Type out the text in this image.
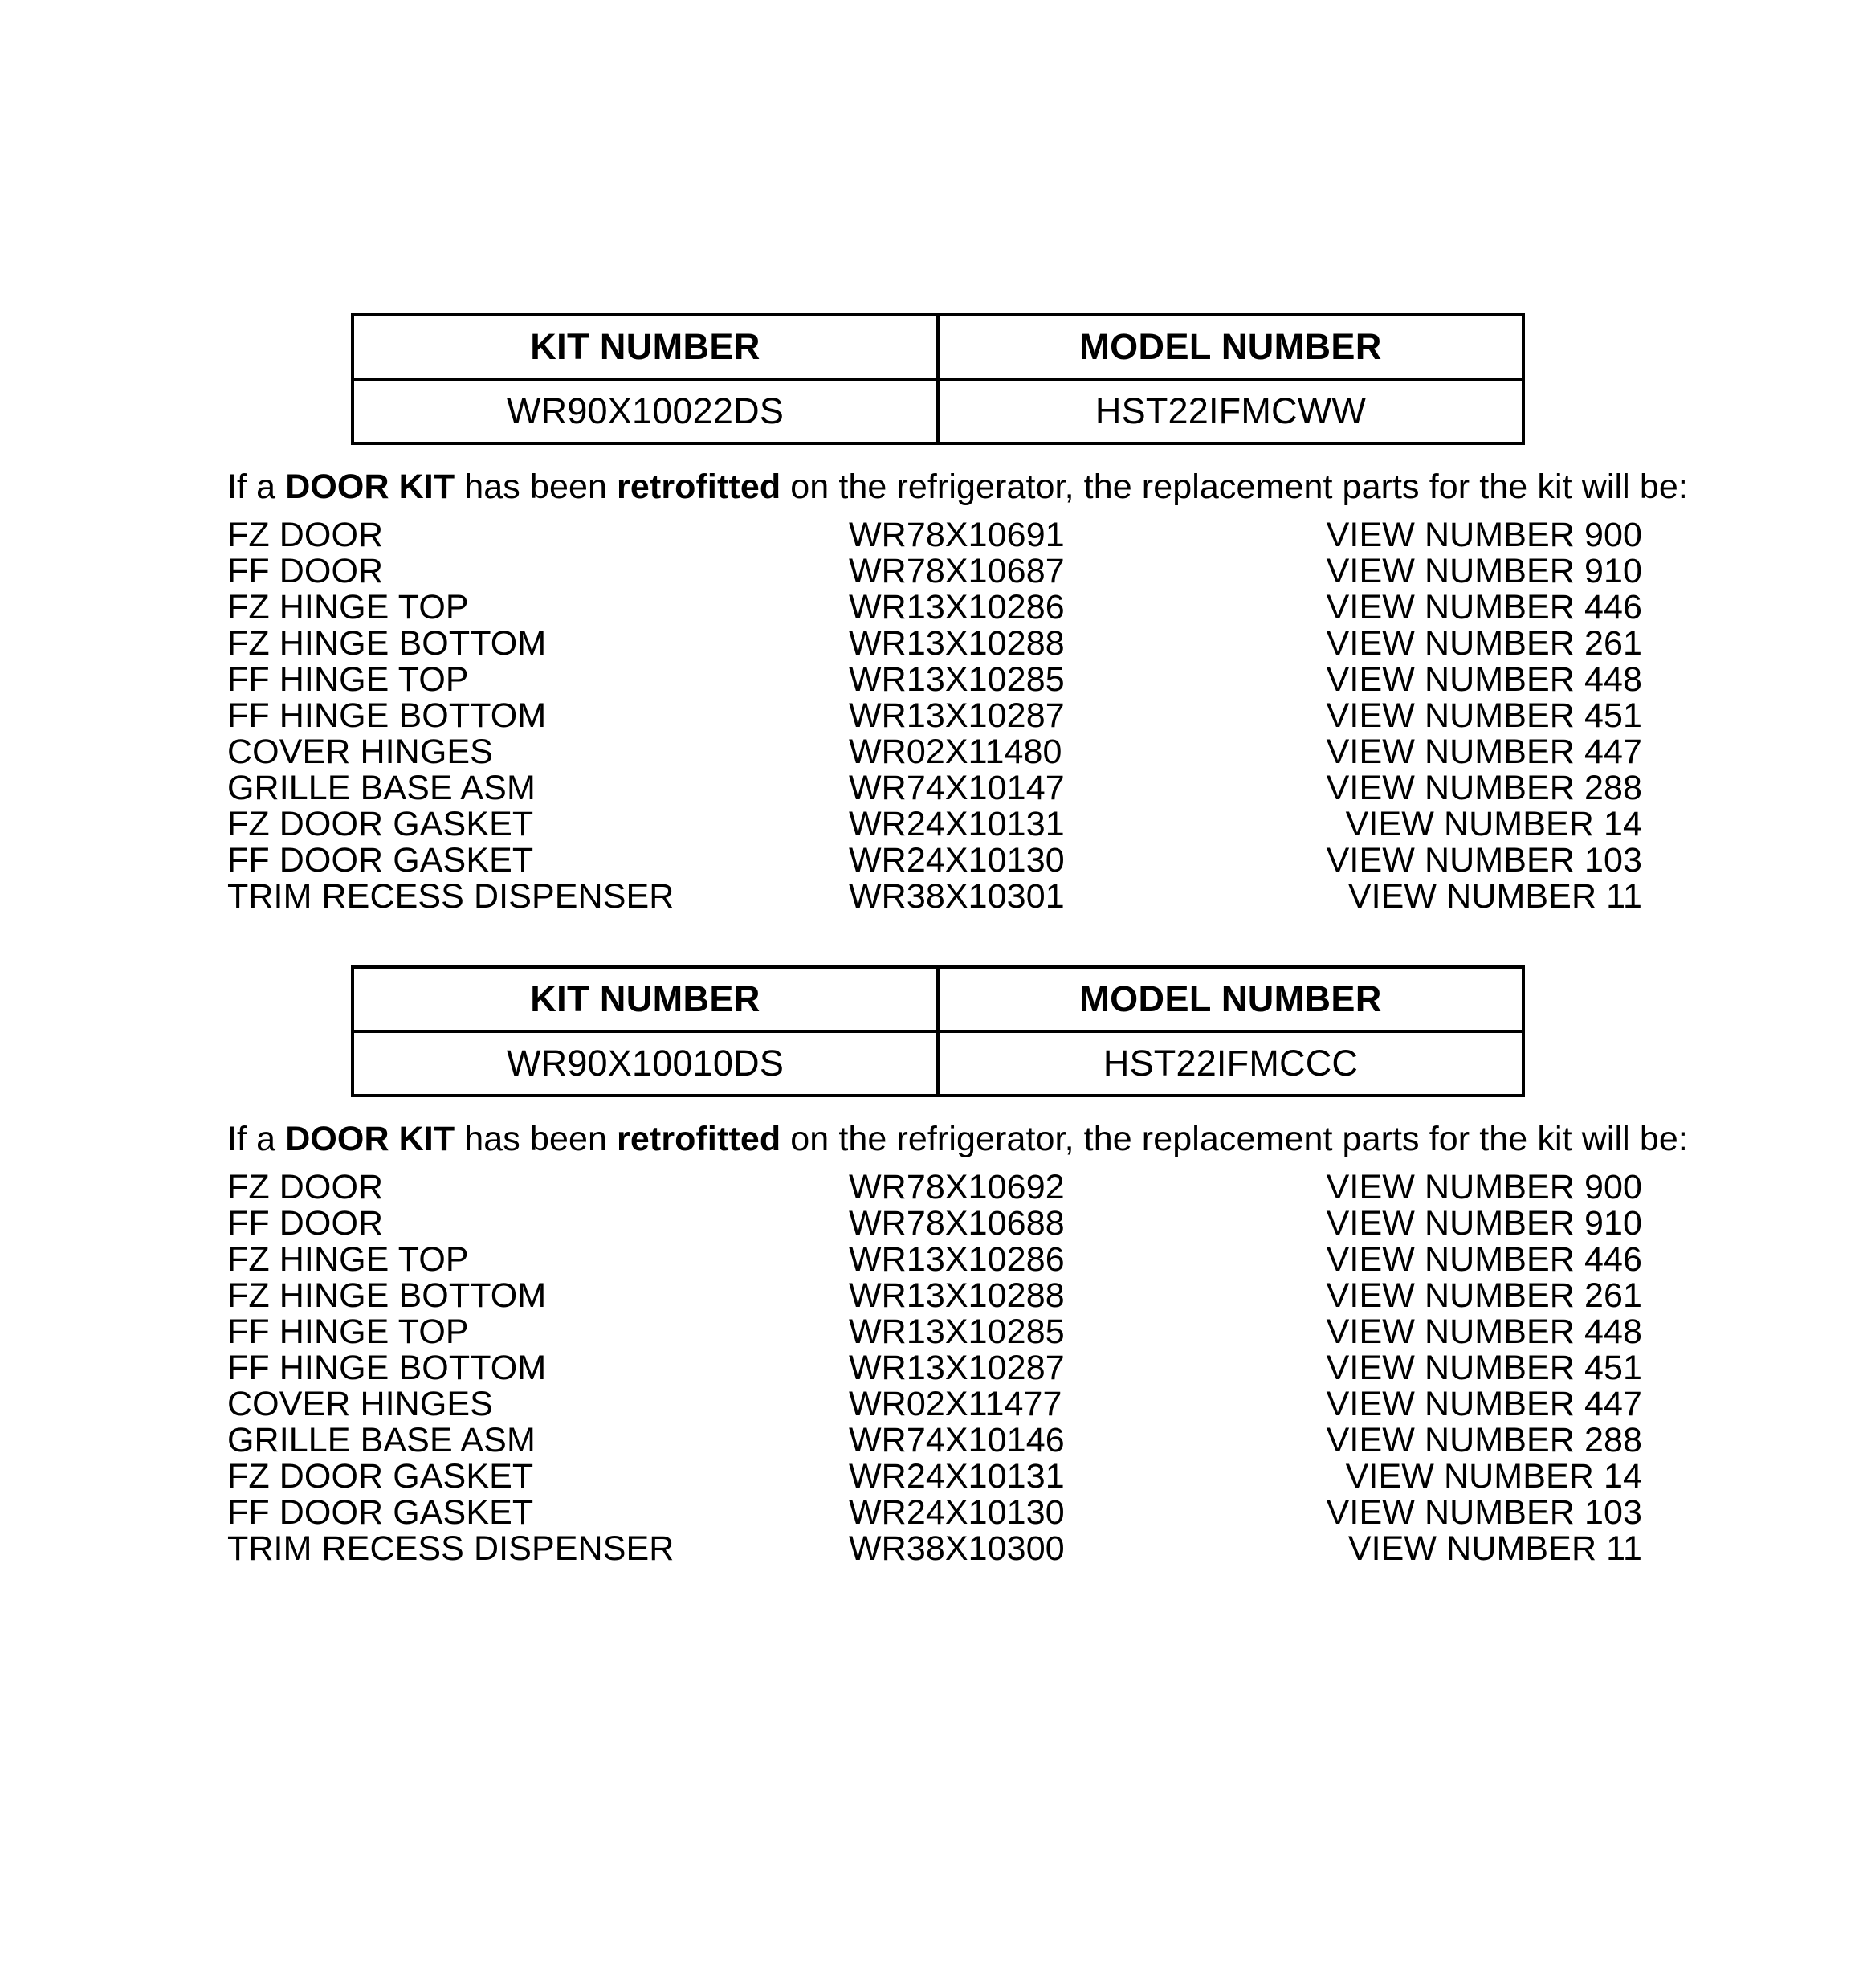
KIT NUMBER	MODEL NUMBER
WR90X10022DS	HST22IFMCWW
If a DOOR KIT has been retrofitted on the refrigerator, the replacement parts for the kit will be:
FZ DOOR	WR78X10691	VIEW NUMBER 900
FF DOOR	WR78X10687	VIEW NUMBER 910
FZ HINGE TOP	WR13X10286	VIEW NUMBER 446
FZ HINGE BOTTOM	WR13X10288	VIEW NUMBER 261
FF HINGE TOP	WR13X10285	VIEW NUMBER 448
FF HINGE BOTTOM	WR13X10287	VIEW NUMBER 451
COVER HINGES	WR02X11480	VIEW NUMBER 447
GRILLE BASE ASM	WR74X10147	VIEW NUMBER 288
FZ DOOR GASKET	WR24X10131	VIEW NUMBER 14
FF DOOR GASKET	WR24X10130	VIEW NUMBER 103
TRIM RECESS DISPENSER	WR38X10301	VIEW NUMBER 11
KIT NUMBER	MODEL NUMBER
WR90X10010DS	HST22IFMCCC
If a DOOR KIT has been retrofitted on the refrigerator, the replacement parts for the kit will be:
FZ DOOR	WR78X10692	VIEW NUMBER 900
FF DOOR	WR78X10688	VIEW NUMBER 910
FZ HINGE TOP	WR13X10286	VIEW NUMBER 446
FZ HINGE BOTTOM	WR13X10288	VIEW NUMBER 261
FF HINGE TOP	WR13X10285	VIEW NUMBER 448
FF HINGE BOTTOM	WR13X10287	VIEW NUMBER 451
COVER HINGES	WR02X11477	VIEW NUMBER 447
GRILLE BASE ASM	WR74X10146	VIEW NUMBER 288
FZ DOOR GASKET	WR24X10131	VIEW NUMBER 14
FF DOOR GASKET	WR24X10130	VIEW NUMBER 103
TRIM RECESS DISPENSER	WR38X10300	VIEW NUMBER 11
